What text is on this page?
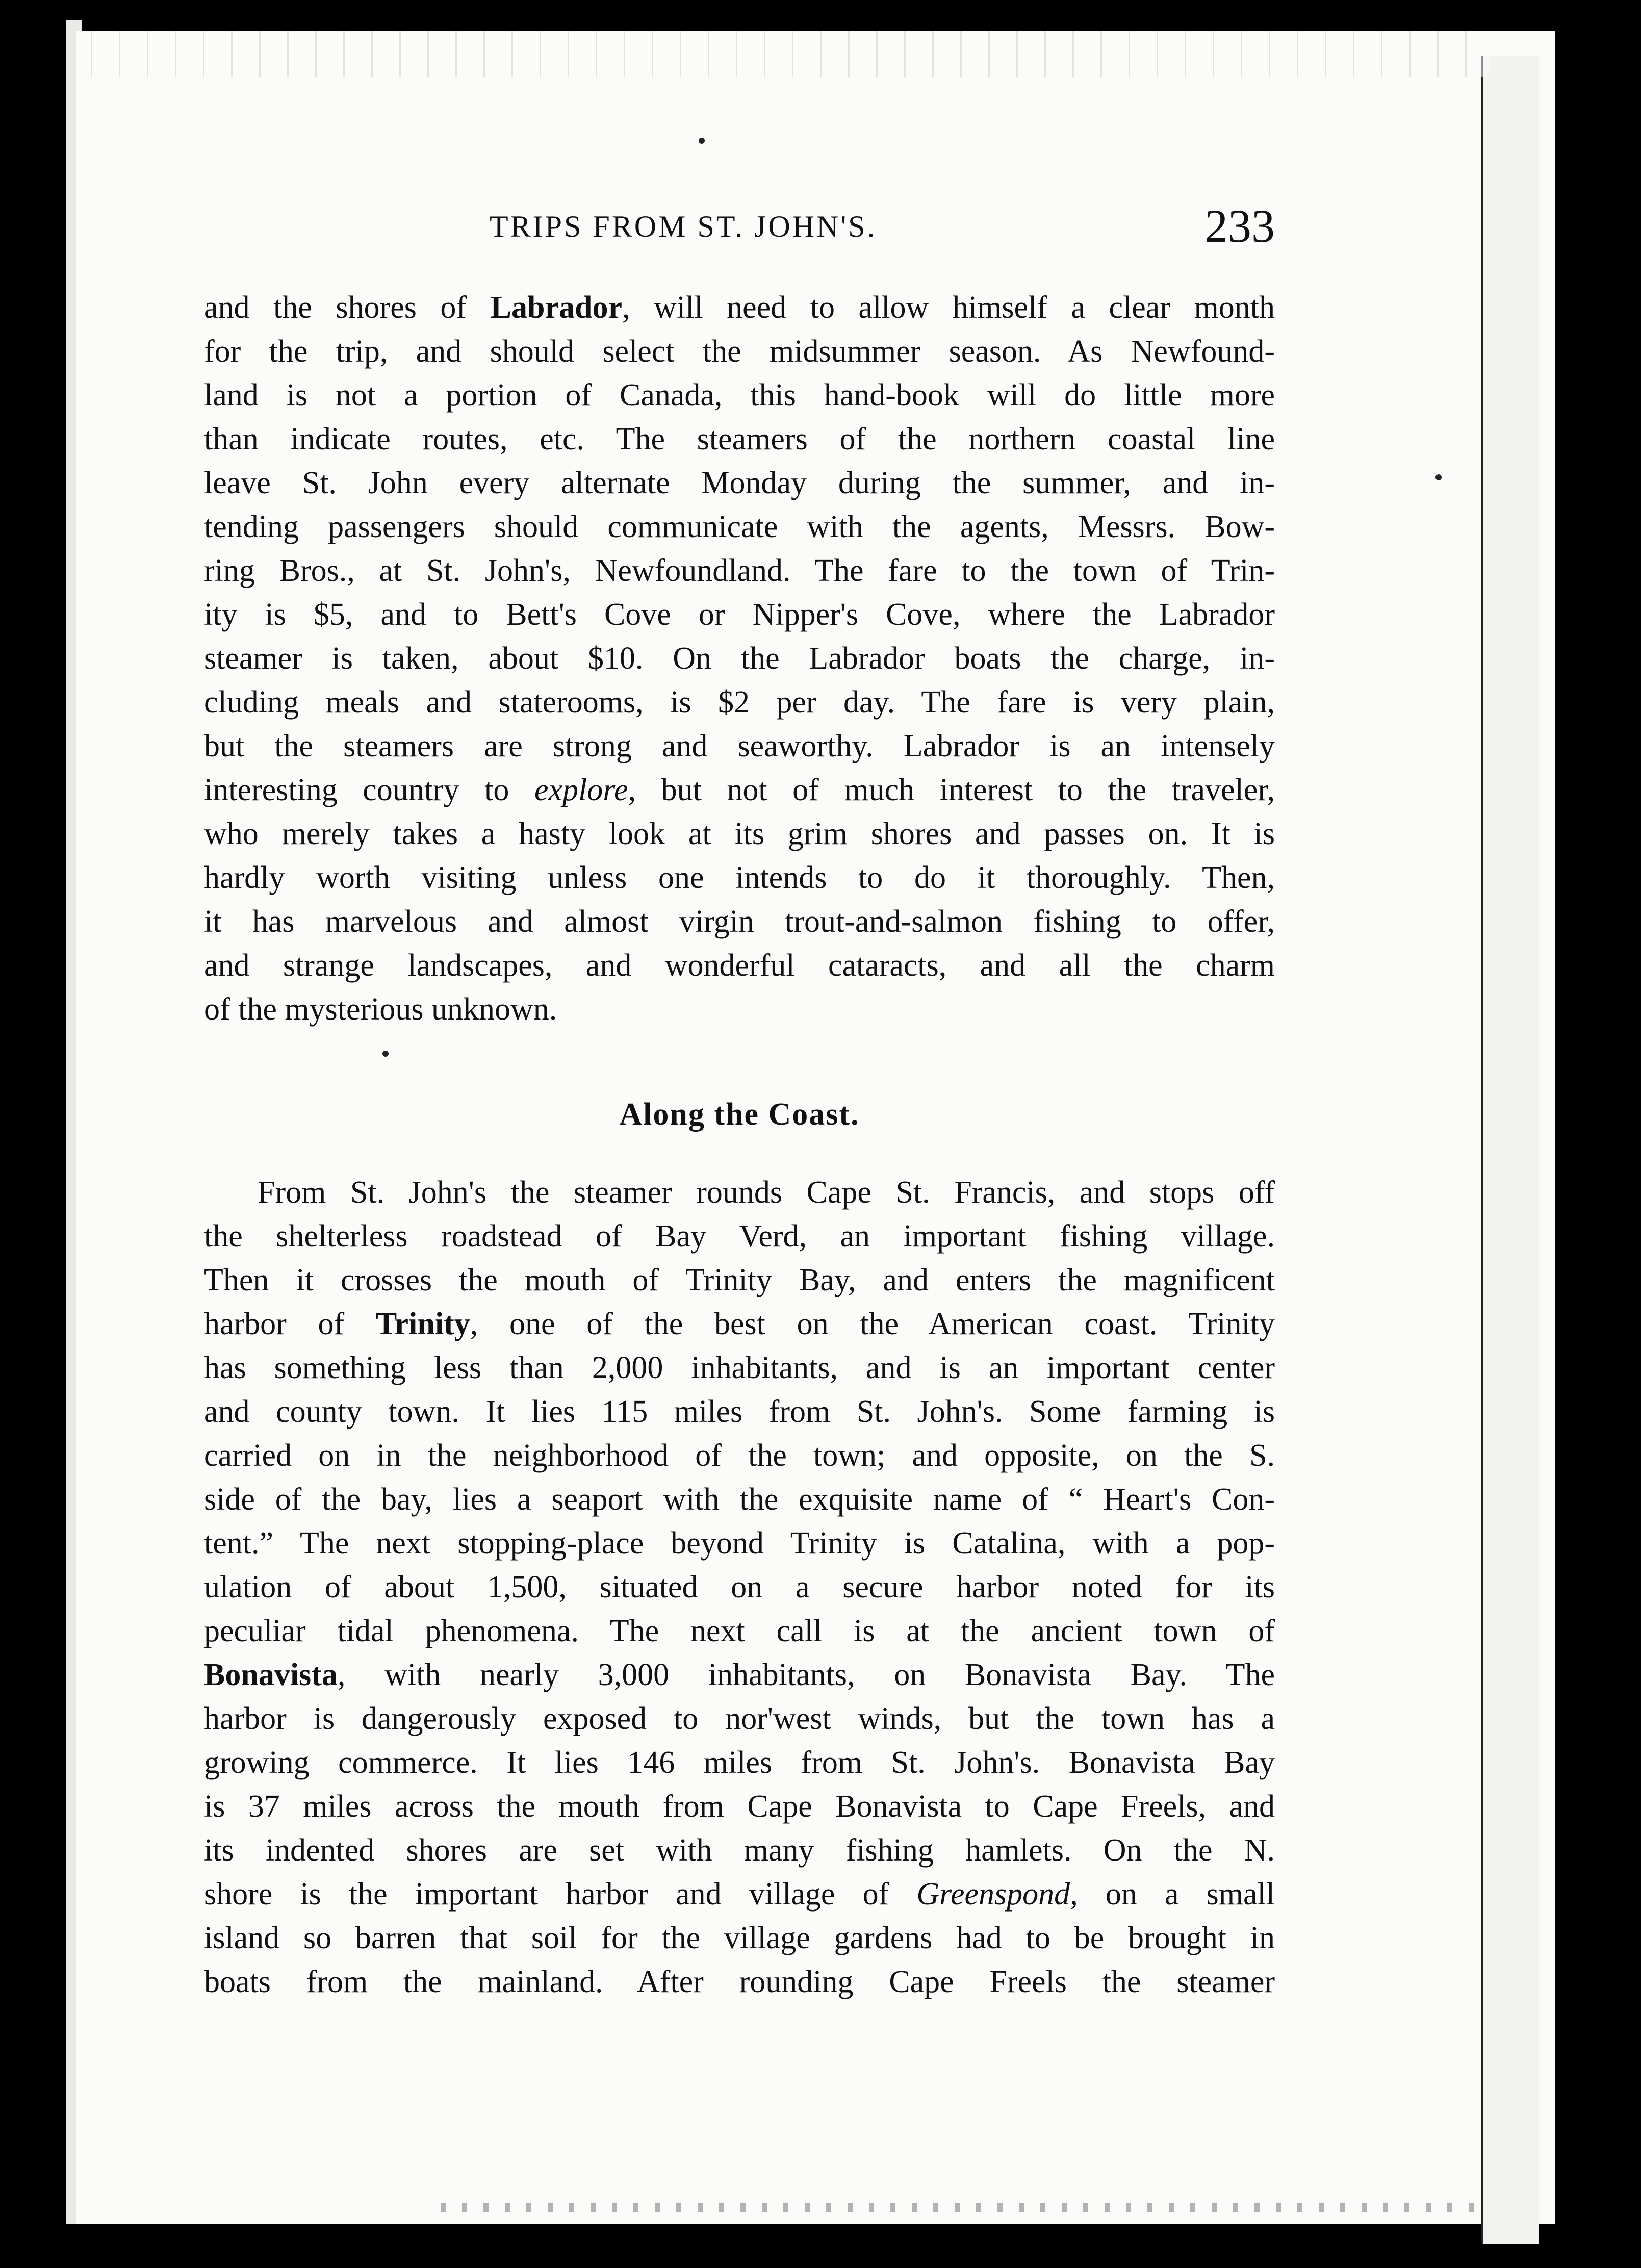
TRIPS FROM ST. JOHN'S.	233
and the shores of Labrador, will need to allow himself a clear month
for the trip, and should select the midsummer season. As Newfound-
land is not a portion of Canada, this hand-book will do little more
than indicate routes, etc. The steamers of the northern coastal line
leave St. John every alternate Monday during the summer, and in-
tending passengers should communicate with the agents, Messrs. Bow-
ring Bros., at St. John's, Newfoundland. The fare to the town of Trin-
ity is $5, and to Bett's Cove or Nipper's Cove, where the Labrador
steamer is taken, about $10. On the Labrador boats the charge, in-
cluding meals and staterooms, is $2 per day. The fare is very plain,
but the steamers are strong and seaworthy. Labrador is an intensely
interesting country to explore, but not of much interest to the traveler,
who merely takes a hasty look at its grim shores and passes on. It is
hardly worth visiting unless one intends to do it thoroughly. Then,
it has marvelous and almost virgin trout-and-salmon fishing to offer,
and strange landscapes, and wonderful cataracts, and all the charm
of the mysterious unknown.
Along the Coast.
From St. John's the steamer rounds Cape St. Francis, and stops off
the shelterless roadstead of Bay Verd, an important fishing village.
Then it crosses the mouth of Trinity Bay, and enters the magnificent
harbor of Trinity, one of the best on the American coast. Trinity
has something less than 2,000 inhabitants, and is an important center
and county town. It lies 115 miles from St. John's. Some farming is
carried on in the neighborhood of the town; and opposite, on the S.
side of the bay, lies a seaport with the exquisite name of “ Heart's Con-
tent.” The next stopping-place beyond Trinity is Catalina, with a pop-
ulation of about 1,500, situated on a secure harbor noted for its
peculiar tidal phenomena. The next call is at the ancient town of
Bonavista, with nearly 3,000 inhabitants, on Bonavista Bay. The
harbor is dangerously exposed to nor'west winds, but the town has a
growing commerce. It lies 146 miles from St. John's. Bonavista Bay
is 37 miles across the mouth from Cape Bonavista to Cape Freels, and
its indented shores are set with many fishing hamlets. On the N.
shore is the important harbor and village of Greenspond, on a small
island so barren that soil for the village gardens had to be brought in
boats from the mainland. After rounding Cape Freels the steamer
